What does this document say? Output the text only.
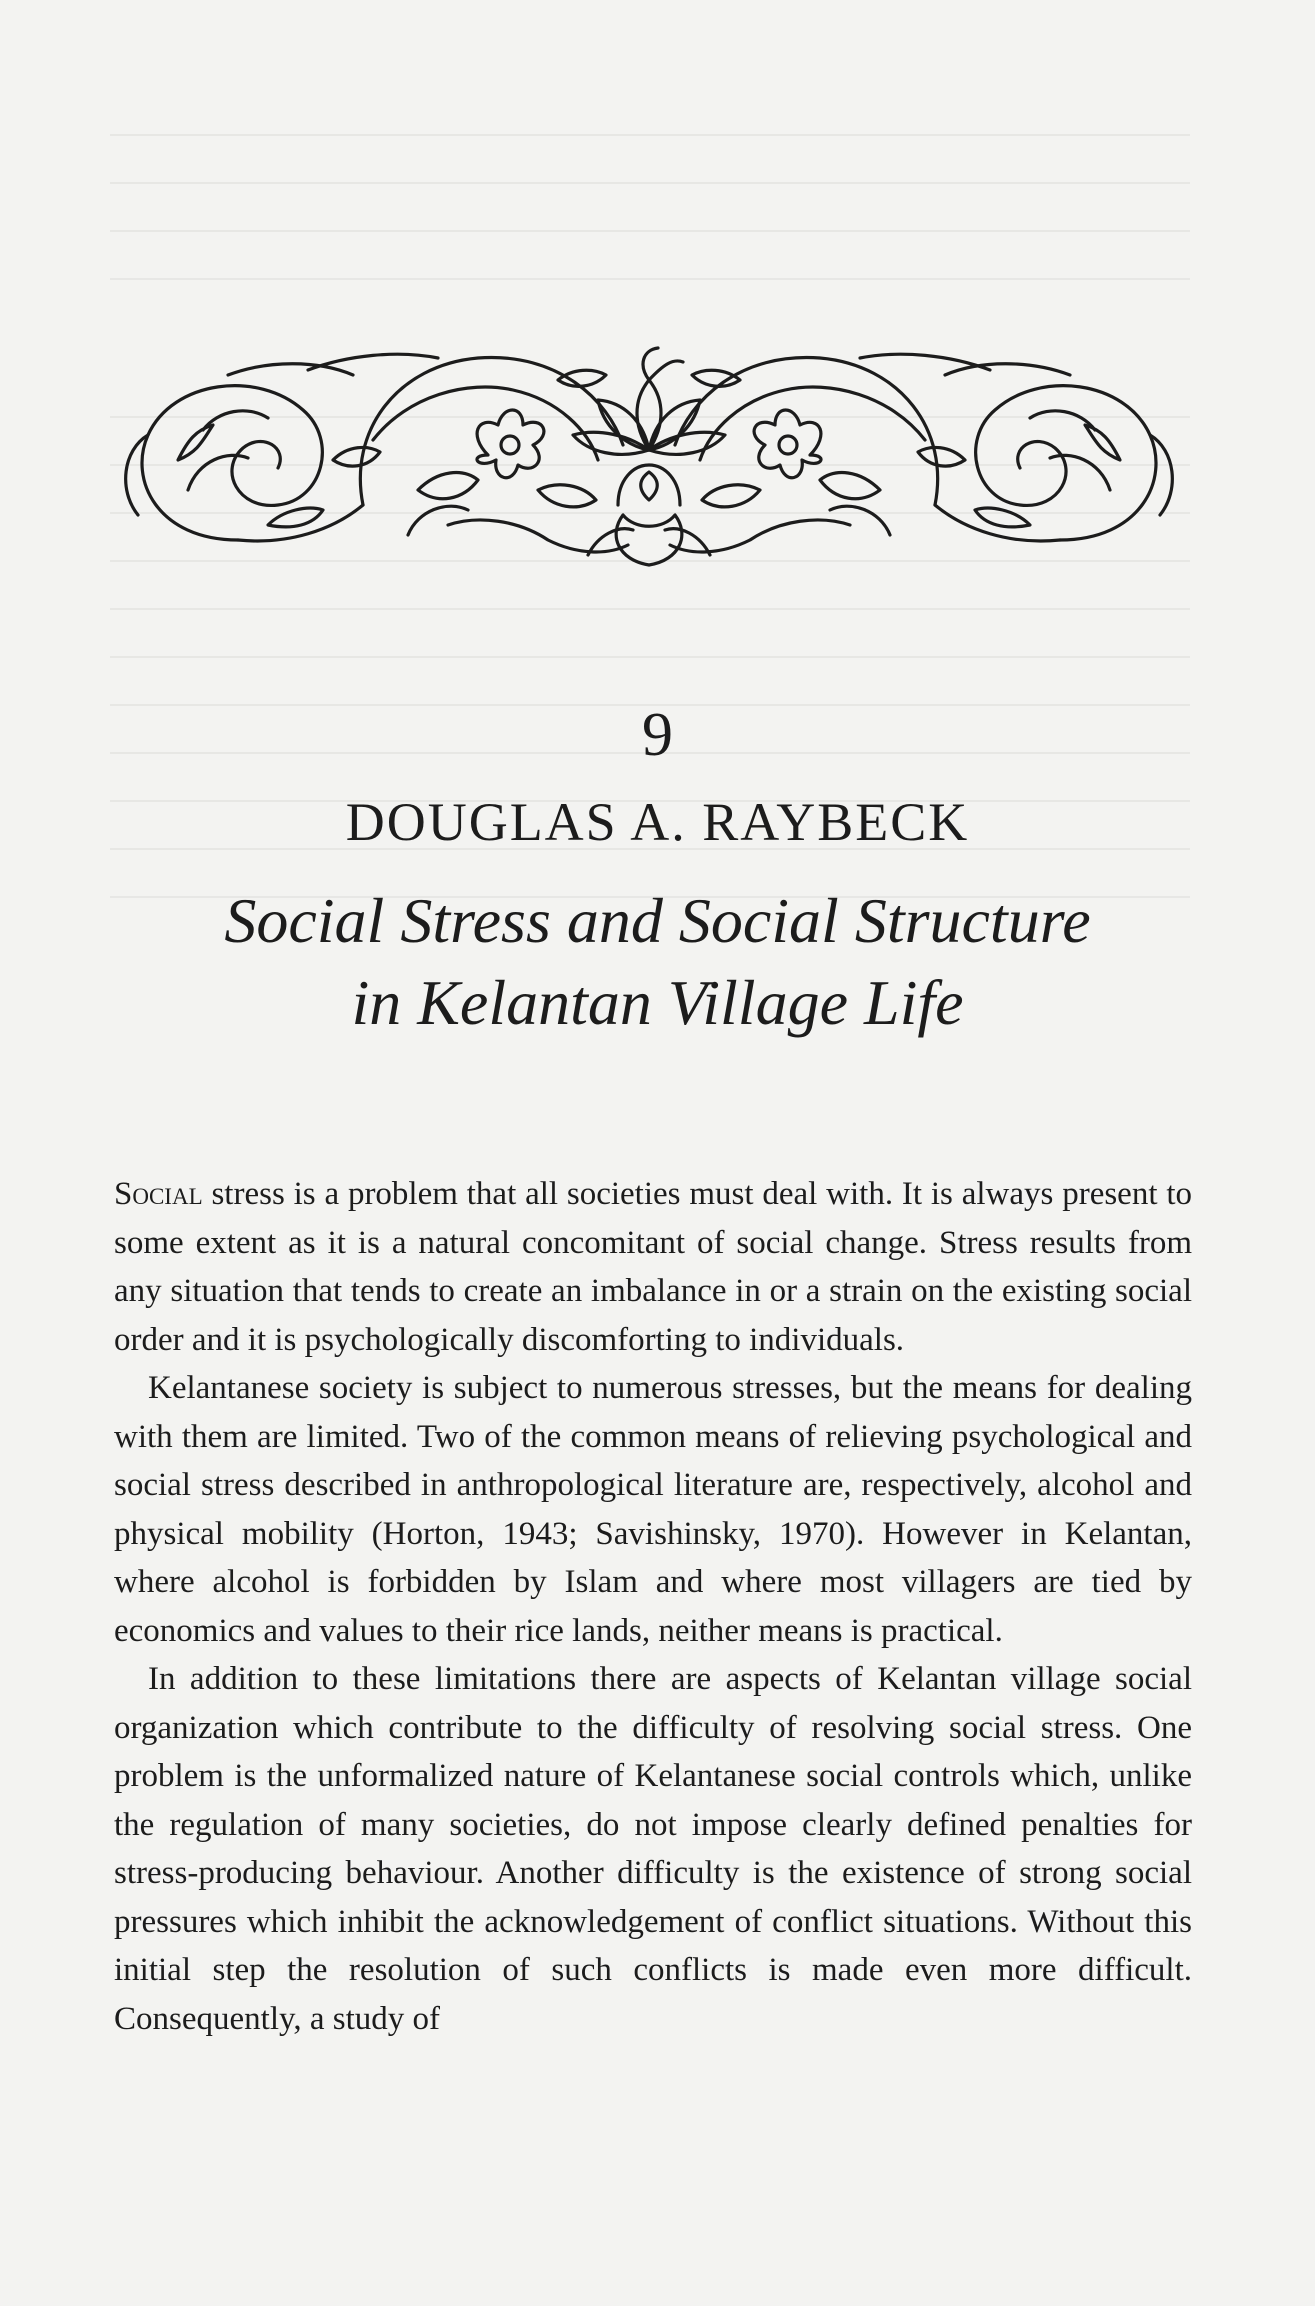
9
DOUGLAS A. RAYBECK
Social Stress and Social Structure
in Kelantan Village Life

Social stress is a problem that all societies must deal with. It is always present to some extent as it is a natural concomitant of social change. Stress results from any situation that tends to create an imbalance in or a strain on the existing social order and it is psychologically discomforting to individuals.

Kelantanese society is subject to numerous stresses, but the means for dealing with them are limited. Two of the common means of relieving psychological and social stress described in anthropological literature are, respectively, alcohol and physical mobility (Horton, 1943; Savishinsky, 1970). However in Kelantan, where alcohol is forbidden by Islam and where most villagers are tied by economics and values to their rice lands, neither means is practical.

In addition to these limitations there are aspects of Kelantan village social organization which contribute to the difficulty of resolving social stress. One problem is the unformalized nature of Kelantanese social controls which, unlike the regulation of many societies, do not impose clearly defined penalties for stress-producing behaviour. Another difficulty is the existence of strong social pressures which inhibit the acknowledgement of conflict situations. Without this initial step the resolution of such conflicts is made even more difficult. Consequently, a study of
